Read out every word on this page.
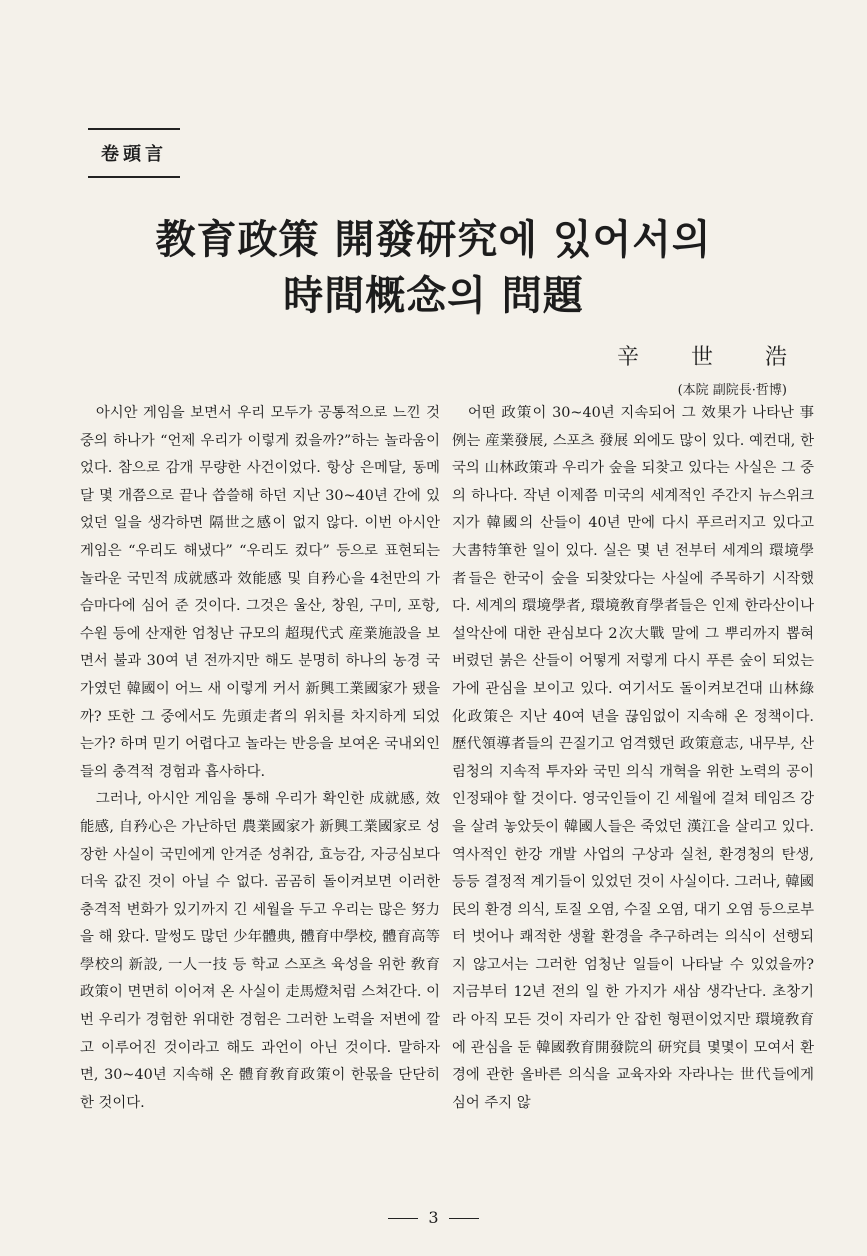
卷頭言
教育政策 開發研究에 있어서의
時間概念의 問題
辛世浩
(本院 副院長·哲博)

아시안 게임을 보면서 우리 모두가 공통적으로 느낀 것 중의 하나가 “언제 우리가 이렇게 컸을까?”하는 놀라움이었다. 참으로 감개 무량한 사건이었다. 항상 은메달, 동메달 몇 개쯤으로 끝나 씁쓸해 하던 지난 30~40년 간에 있었던 일을 생각하면 隔世之感이 없지 않다. 이번 아시안 게임은 “우리도 해냈다” “우리도 컸다” 등으로 표현되는 놀라운 국민적 成就感과 效能感 및 自矜心을 4천만의 가슴마다에 심어 준 것이다. 그것은 울산, 창원, 구미, 포항, 수원 등에 산재한 엄청난 규모의 超現代式 産業施設을 보면서 불과 30여 년 전까지만 해도 분명히 하나의 농경 국가였던 韓國이 어느 새 이렇게 커서 新興工業國家가 됐을까? 또한 그 중에서도 先頭走者의 위치를 차지하게 되었는가? 하며 믿기 어렵다고 놀라는 반응을 보여온 국내외인들의 충격적 경험과 흡사하다.

그러나, 아시안 게임을 통해 우리가 확인한 成就感, 效能感, 自矜心은 가난하던 農業國家가 新興工業國家로 성장한 사실이 국민에게 안겨준 성취감, 효능감, 자긍심보다 더욱 값진 것이 아닐 수 없다. 곰곰히 돌이켜보면 이러한 충격적 변화가 있기까지 긴 세월을 두고 우리는 많은 努力을 해 왔다. 말썽도 많던 少年體典, 體育中學校, 體育高等學校의 新設, 一人一技 등 학교 스포츠 육성을 위한 敎育政策이 면면히 이어져 온 사실이 走馬燈처럼 스쳐간다. 이번 우리가 경험한 위대한 경험은 그러한 노력을 저변에 깔고 이루어진 것이라고 해도 과언이 아닌 것이다. 말하자면, 30~40년 지속해 온 體育敎育政策이 한몫을 단단히 한 것이다.

어떤 政策이 30~40년 지속되어 그 效果가 나타난 事例는 産業發展, 스포츠 發展 외에도 많이 있다. 예컨대, 한국의 山林政策과 우리가 숲을 되찾고 있다는 사실은 그 중의 하나다. 작년 이제쯤 미국의 세계적인 주간지 뉴스위크지가 韓國의 산들이 40년 만에 다시 푸르러지고 있다고 大書特筆한 일이 있다. 실은 몇 년 전부터 세계의 環境學者들은 한국이 숲을 되찾았다는 사실에 주목하기 시작했다. 세계의 環境學者, 環境敎育學者들은 인제 한라산이나 설악산에 대한 관심보다 2次大戰 말에 그 뿌리까지 뽑혀 버렸던 붉은 산들이 어떻게 저렇게 다시 푸른 숲이 되었는가에 관심을 보이고 있다. 여기서도 돌이켜보건대 山林綠化政策은 지난 40여 년을 끊임없이 지속해 온 정책이다. 歷代領導者들의 끈질기고 엄격했던 政策意志, 내무부, 산림청의 지속적 투자와 국민 의식 개혁을 위한 노력의 공이 인정돼야 할 것이다. 영국인들이 긴 세월에 걸쳐 테임즈 강을 살려 놓았듯이 韓國人들은 죽었던 漢江을 살리고 있다. 역사적인 한강 개발 사업의 구상과 실천, 환경청의 탄생, 등등 결정적 계기들이 있었던 것이 사실이다. 그러나, 韓國民의 환경 의식, 토질 오염, 수질 오염, 대기 오염 등으로부터 벗어나 쾌적한 생활 환경을 추구하려는 의식이 선행되지 않고서는 그러한 엄청난 일들이 나타날 수 있었을까? 지금부터 12년 전의 일 한 가지가 새삼 생각난다. 초창기라 아직 모든 것이 자리가 안 잡힌 형편이었지만 環境敎育에 관심을 둔 韓國敎育開發院의 研究員 몇몇이 모여서 환경에 관한 올바른 의식을 교육자와 자라나는 世代들에게 심어 주지 않

3
